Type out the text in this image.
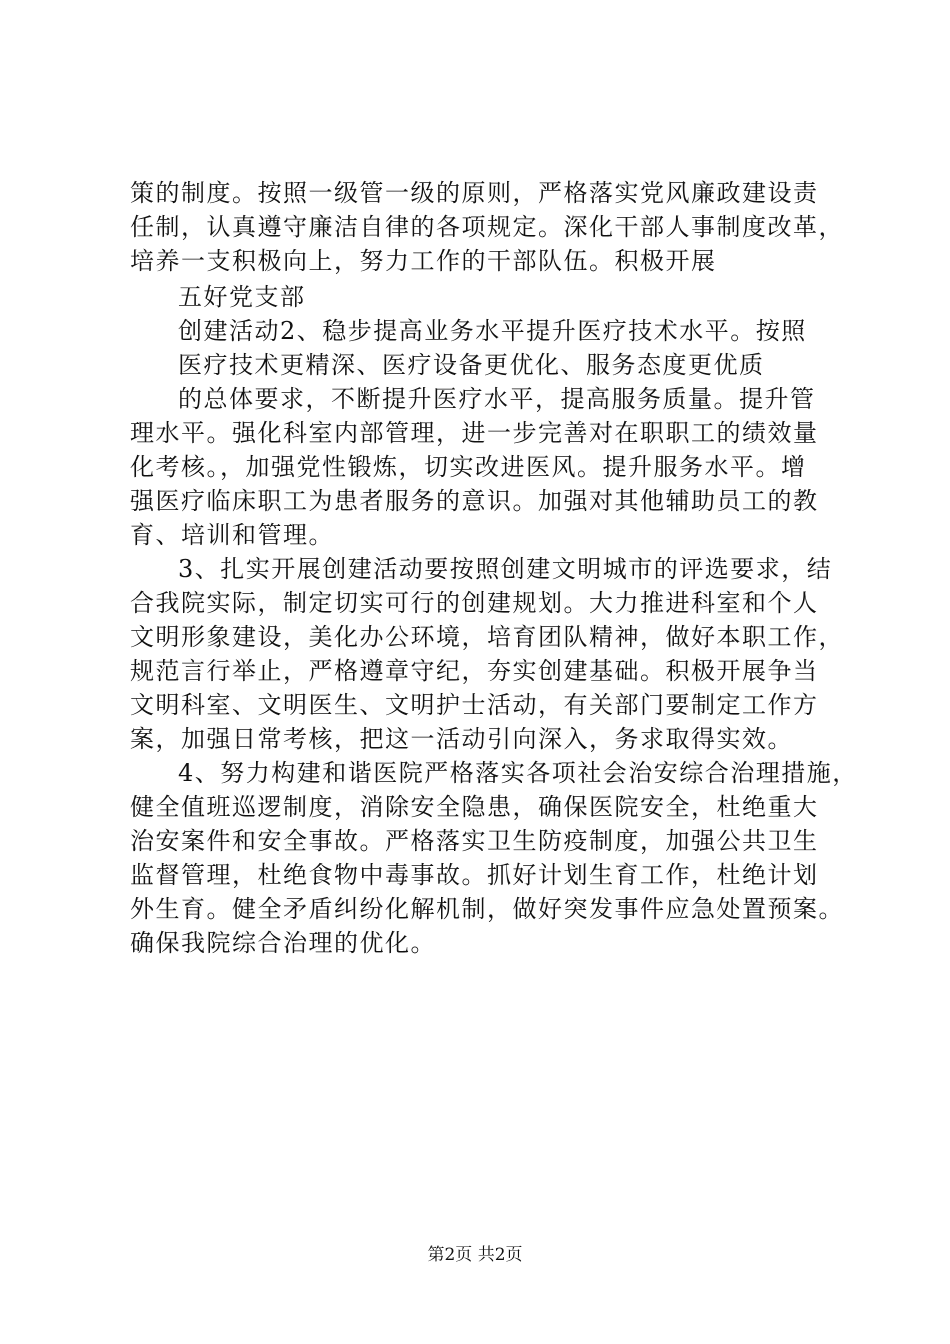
策的制度。按照一级管一级的原则，严格落实党风廉政建设责
任制，认真遵守廉洁自律的各项规定。深化干部人事制度改革，
培养一支积极向上，努力工作的干部队伍。积极开展
五好党支部
创建活动2、稳步提高业务水平提升医疗技术水平。按照
医疗技术更精深、医疗设备更优化、服务态度更优质
的总体要求，不断提升医疗水平，提高服务质量。提升管
理水平。强化科室内部管理，进一步完善对在职职工的绩效量
化考核。，加强党性锻炼，切实改进医风。提升服务水平。增
强医疗临床职工为患者服务的意识。加强对其他辅助员工的教
育、培训和管理。
3、扎实开展创建活动要按照创建文明城市的评选要求，结
合我院实际，制定切实可行的创建规划。大力推进科室和个人
文明形象建设，美化办公环境，培育团队精神，做好本职工作，
规范言行举止，严格遵章守纪，夯实创建基础。积极开展争当
文明科室、文明医生、文明护士活动，有关部门要制定工作方
案，加强日常考核，把这一活动引向深入，务求取得实效。
4、努力构建和谐医院严格落实各项社会治安综合治理措施，
健全值班巡逻制度，消除安全隐患，确保医院安全，杜绝重大
治安案件和安全事故。严格落实卫生防疫制度，加强公共卫生
监督管理，杜绝食物中毒事故。抓好计划生育工作，杜绝计划
外生育。健全矛盾纠纷化解机制，做好突发事件应急处置预案。
确保我院综合治理的优化。
第2页 共2页
